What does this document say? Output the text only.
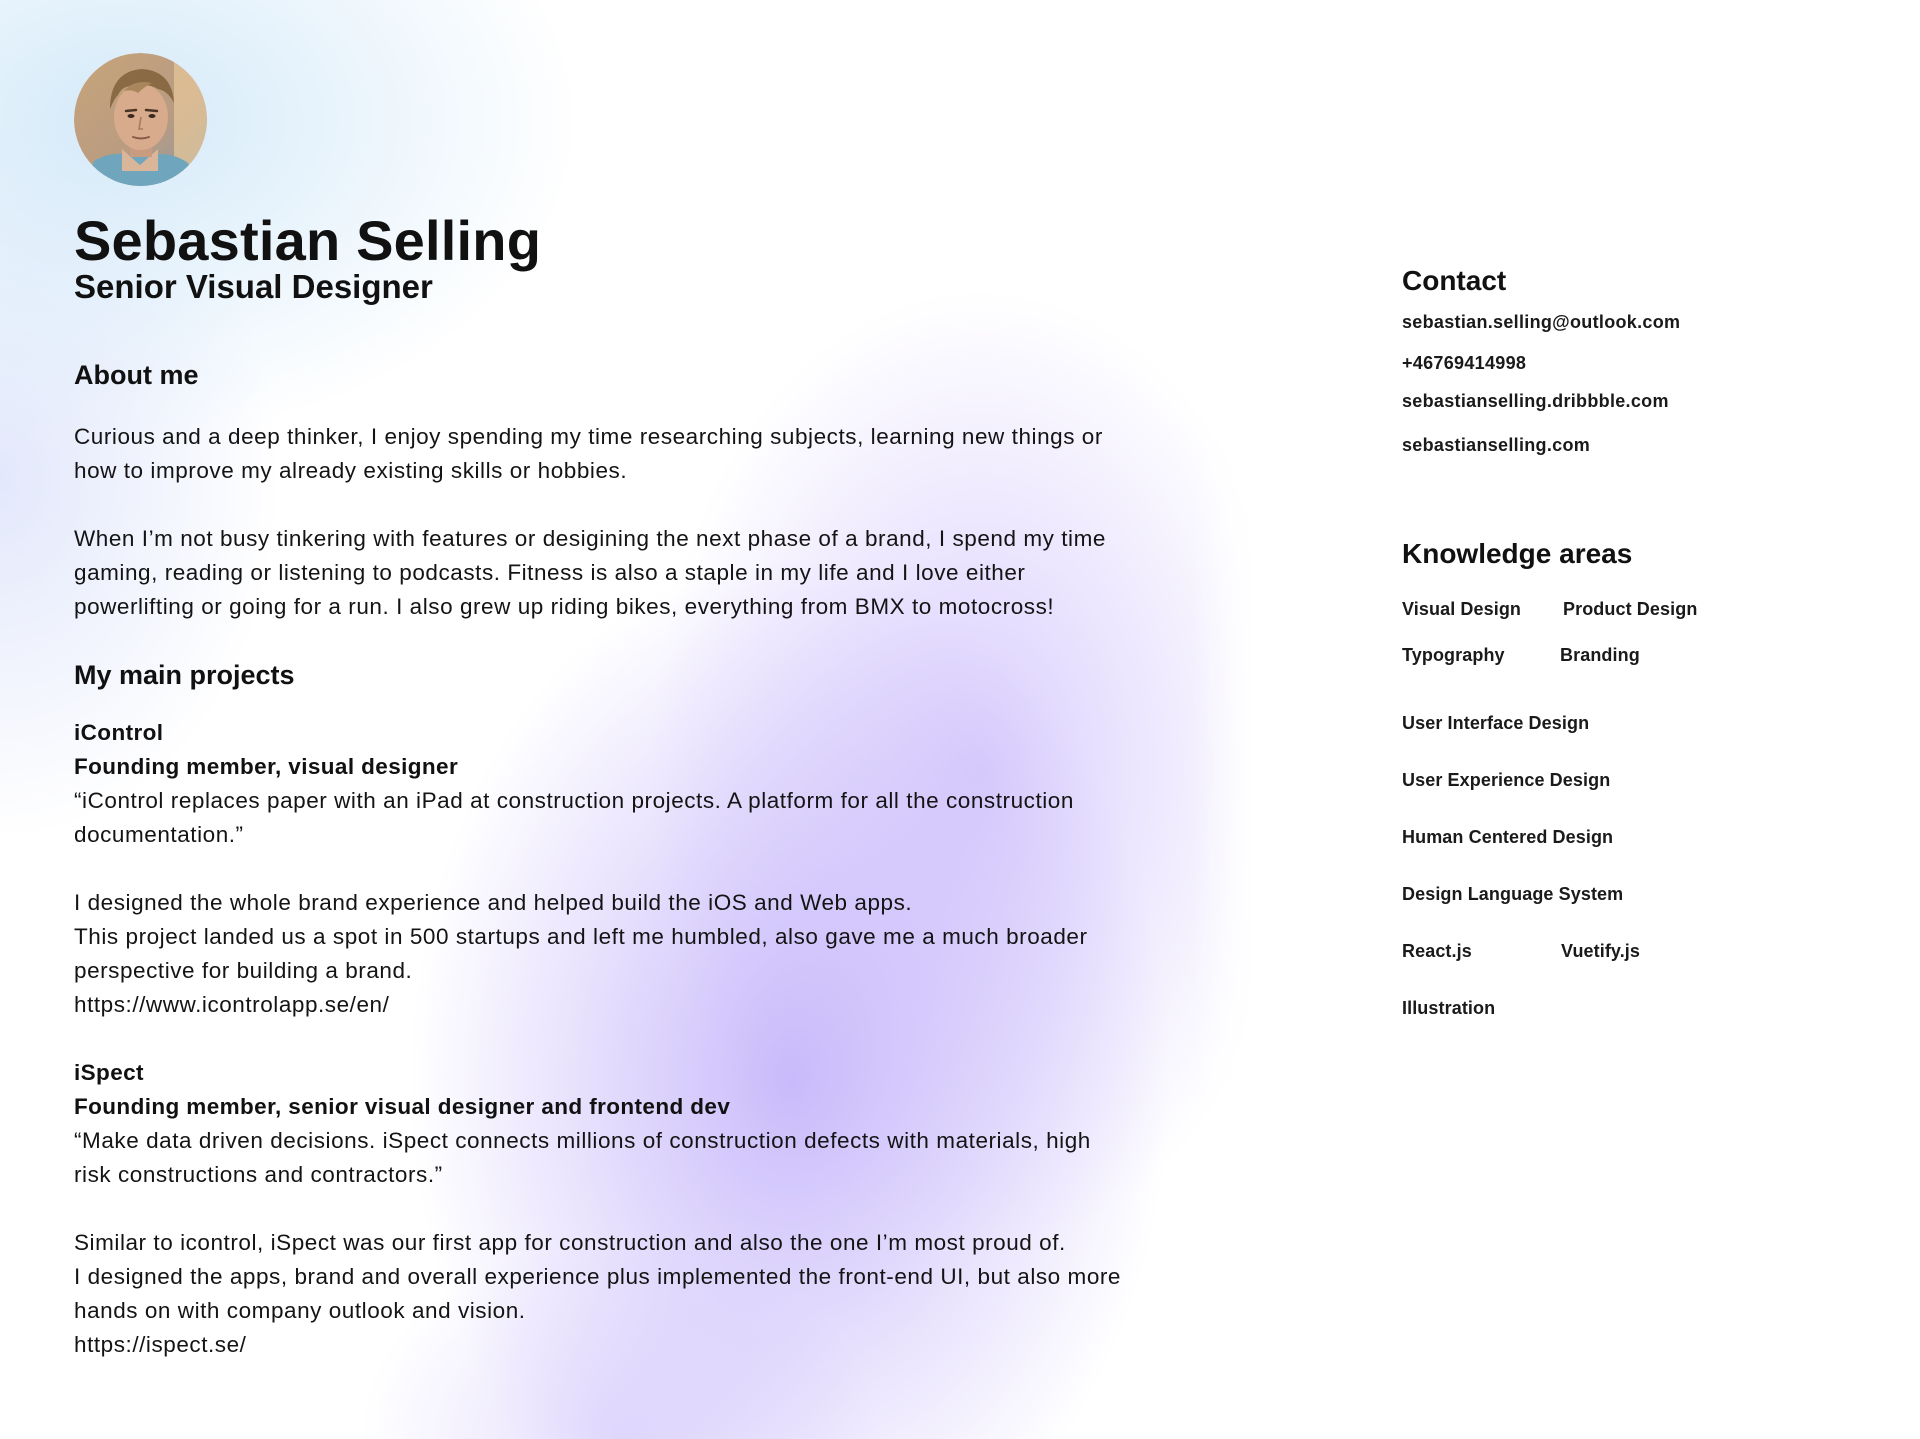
Sebastian Selling
Senior Visual Designer
About me

Curious and a deep thinker, I enjoy spending my time researching subjects, learning new things or how to improve my already existing skills or hobbies.

When I’m not busy tinkering with features or desigining the next phase of a brand, I spend my time gaming, reading or listening to podcasts. Fitness is also a staple in my life and I love either powerlifting or going for a run. I also grew up riding bikes, everything from BMX to motocross!

My main projects
iControl
Founding member, visual designer

“iControl replaces paper with an iPad at construction projects. A platform for all the construction documentation.”

I designed the whole brand experience and helped build the iOS and Web apps.
This project landed us a spot in 500 startups and left me humbled, also gave me a much broader perspective for building a brand.
https://www.icontrolapp.se/en/
iSpect
Founding member, senior visual designer and frontend dev

“Make data driven decisions. iSpect connects millions of construction defects with materials, high risk constructions and contractors.”

Similar to icontrol, iSpect was our first app for construction and also the one I’m most proud of.
I designed the apps, brand and overall experience plus implemented the front-end UI, but also more hands on with company outlook and vision.
https://ispect.se/
Contact
sebastian.selling@outlook.com
+46769414998
sebastianselling.dribbble.com
sebastianselling.com
Knowledge areas
Visual Design	Product Design
Typography	Branding
User Interface Design
User Experience Design
Human Centered Design
Design Language System
React.js	Vuetify.js
Illustration
